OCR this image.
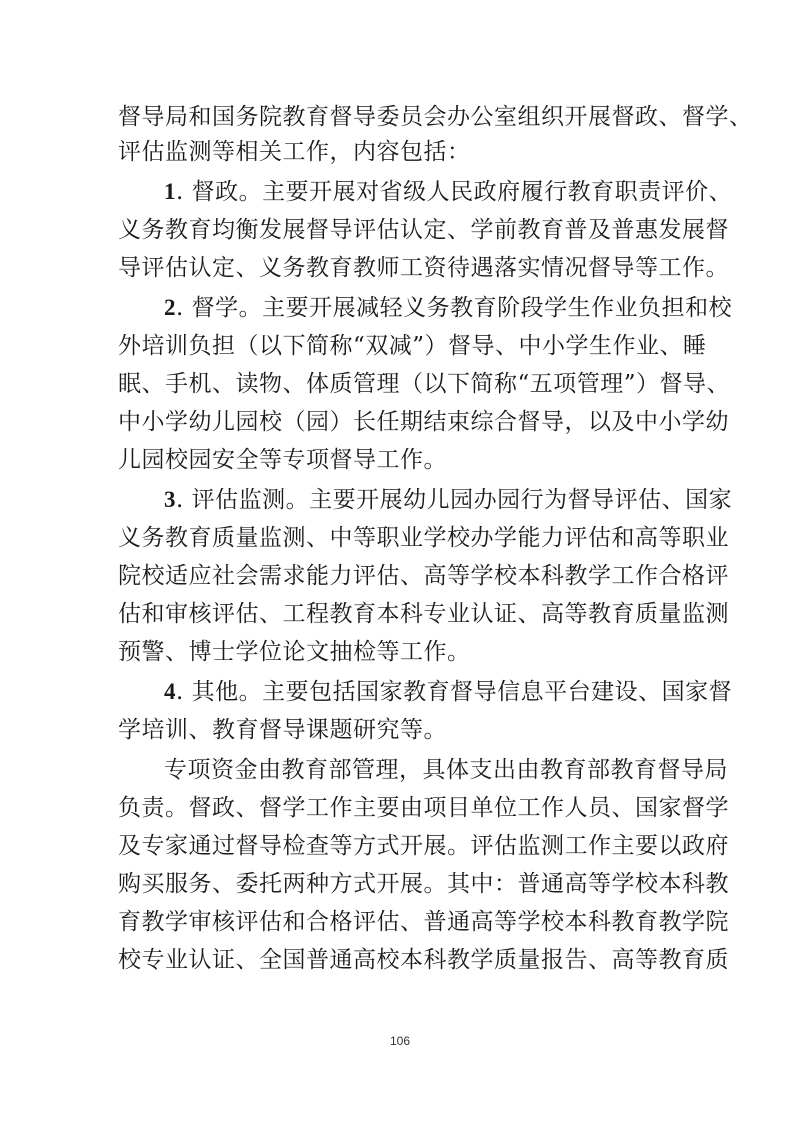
督导局和国务院教育督导委员会办公室组织开展督政、督学、
评估监测等相关工作，内容包括：
1. 督政。主要开展对省级人民政府履行教育职责评价、
义务教育均衡发展督导评估认定、学前教育普及普惠发展督
导评估认定、义务教育教师工资待遇落实情况督导等工作。
2. 督学。主要开展减轻义务教育阶段学生作业负担和校
外培训负担（以下简称“双减”）督导、中小学生作业、睡
眠、手机、读物、体质管理（以下简称“五项管理”）督导、
中小学幼儿园校（园）长任期结束综合督导，以及中小学幼
儿园校园安全等专项督导工作。
3. 评估监测。主要开展幼儿园办园行为督导评估、国家
义务教育质量监测、中等职业学校办学能力评估和高等职业
院校适应社会需求能力评估、高等学校本科教学工作合格评
估和审核评估、工程教育本科专业认证、高等教育质量监测
预警、博士学位论文抽检等工作。
4. 其他。主要包括国家教育督导信息平台建设、国家督
学培训、教育督导课题研究等。
专项资金由教育部管理，具体支出由教育部教育督导局
负责。督政、督学工作主要由项目单位工作人员、国家督学
及专家通过督导检查等方式开展。评估监测工作主要以政府
购买服务、委托两种方式开展。其中：普通高等学校本科教
育教学审核评估和合格评估、普通高等学校本科教育教学院
校专业认证、全国普通高校本科教学质量报告、高等教育质
106
